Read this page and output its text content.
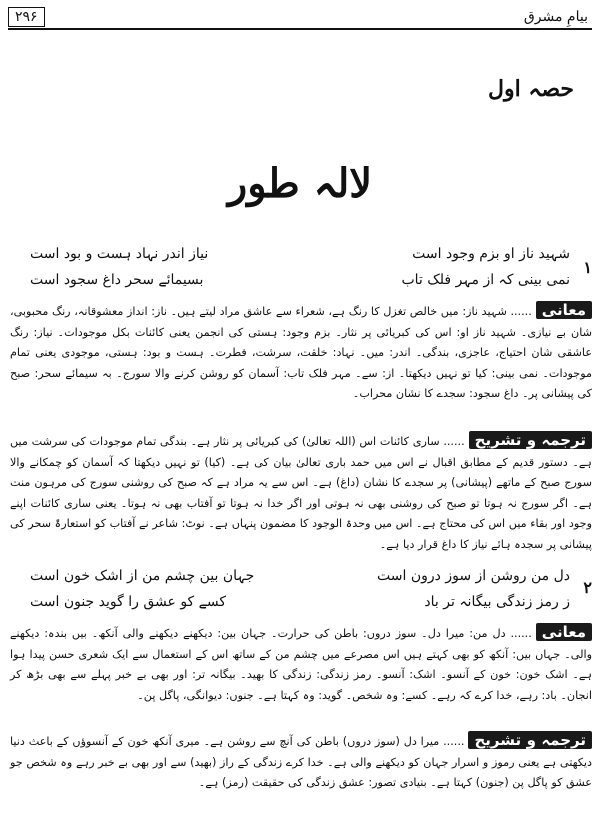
بیامِ مشرق
۲۹۶
حصہ اول
لالہ طور
۱
شہید ناز او بزم وجود است
نیاز اندر نہاد ہست و بود است
نمی بینی کہ از مہر فلک تاب
بسیمائے سحر داغ سجود است
معانی...... شہید ناز: میں خالص تغزل کا رنگ ہے، شعراء سے عاشق مراد لیتے ہیں۔ ناز: انداز معشوقانہ، رنگ محبوبی، شان بے نیازی۔ شہید ناز او: اس کی کبریائی پر نثار۔ بزم وجود: ہستی کی انجمن یعنی کائنات بکل موجودات۔ نیاز: رنگ عاشقی شان احتیاج، عاجزی، بندگی۔ اندر: میں۔ نہاد: خلقت، سرشت، فطرت۔ ہست و بود: ہستی، موجودی یعنی تمام موجودات۔ نمی بینی: کیا تو نہیں دیکھتا۔ از: سے۔ مہر فلک تاب: آسمان کو روشن کرنے والا سورج۔ بہ سیمائے سحر: صبح کی پیشانی پر۔ داغ سجود: سجدے کا نشان محراب۔
ترجمہ و تشریح...... ساری کائنات اس (اللہ تعالیٰ) کی کبریائی پر نثار ہے۔ بندگی تمام موجودات کی سرشت میں ہے۔ دستور قدیم کے مطابق اقبال نے اس میں حمد باری تعالیٰ بیان کی ہے۔ (کیا) تو نہیں دیکھتا کہ آسمان کو چمکانے والا سورج صبح کے ماتھے (پیشانی) پر سجدے کا نشان (داغ) ہے۔ اس سے یہ مراد ہے کہ صبح کی روشنی سورج کی مرہون منت ہے۔ اگر سورج نہ ہوتا تو صبح کی روشنی بھی نہ ہوتی اور اگر خدا نہ ہوتا تو آفتاب بھی نہ ہوتا۔ یعنی ساری کائنات اپنے وجود اور بقاء میں اس کی محتاج ہے۔ اس میں وحدۃ الوجود کا مضمون پنہاں ہے۔ نوٹ: شاعر نے آفتاب کو استعارۃً سحر کی پیشانی پر سجدہ ہائے نیاز کا داغ قرار دیا ہے۔
۲
دل من روشن از سوز درون است
جہان بین چشم من از اشک خون است
ز رمز زندگی بیگانہ تر باد
کسے کو عشق را گوید جنون است
معانی...... دل من: میرا دل۔ سوز دروں: باطن کی حرارت۔ جہان بین: دیکھنے دیکھنے والی آنکھ۔ بیں بندہ: دیکھنے والی۔ جہاں بیں: آنکھ کو بھی کہتے ہیں اس مصرعے میں چشم من کے ساتھ اس کے استعمال سے ایک شعری حسن پیدا ہوا ہے۔ اشک خون: خون کے آنسو۔ اشک: آنسو۔ رمز زندگی: زندگی کا بھید۔ بیگانہ تر: اور بھی بے خبر پہلے سے بھی بڑھ کر انجان۔ باد: رہے، خدا کرے کہ رہے۔ کسے: وہ شخص۔ گوید: وہ کہتا ہے۔ جنوں: دیوانگی، پاگل پن۔
ترجمہ و تشریح...... میرا دل (سوز دروں) باطن کی آنچ سے روشن ہے۔ میری آنکھ خون کے آنسوؤں کے باعث دنیا دیکھتی ہے یعنی رموز و اسرار جہان کو دیکھنے والی ہے۔ خدا کرے زندگی کے راز (بھید) سے اور بھی بے خبر رہے وہ شخص جو عشق کو پاگل پن (جنون) کہتا ہے۔ بنیادی تصور: عشق زندگی کی حقیقت (رمز) ہے۔
